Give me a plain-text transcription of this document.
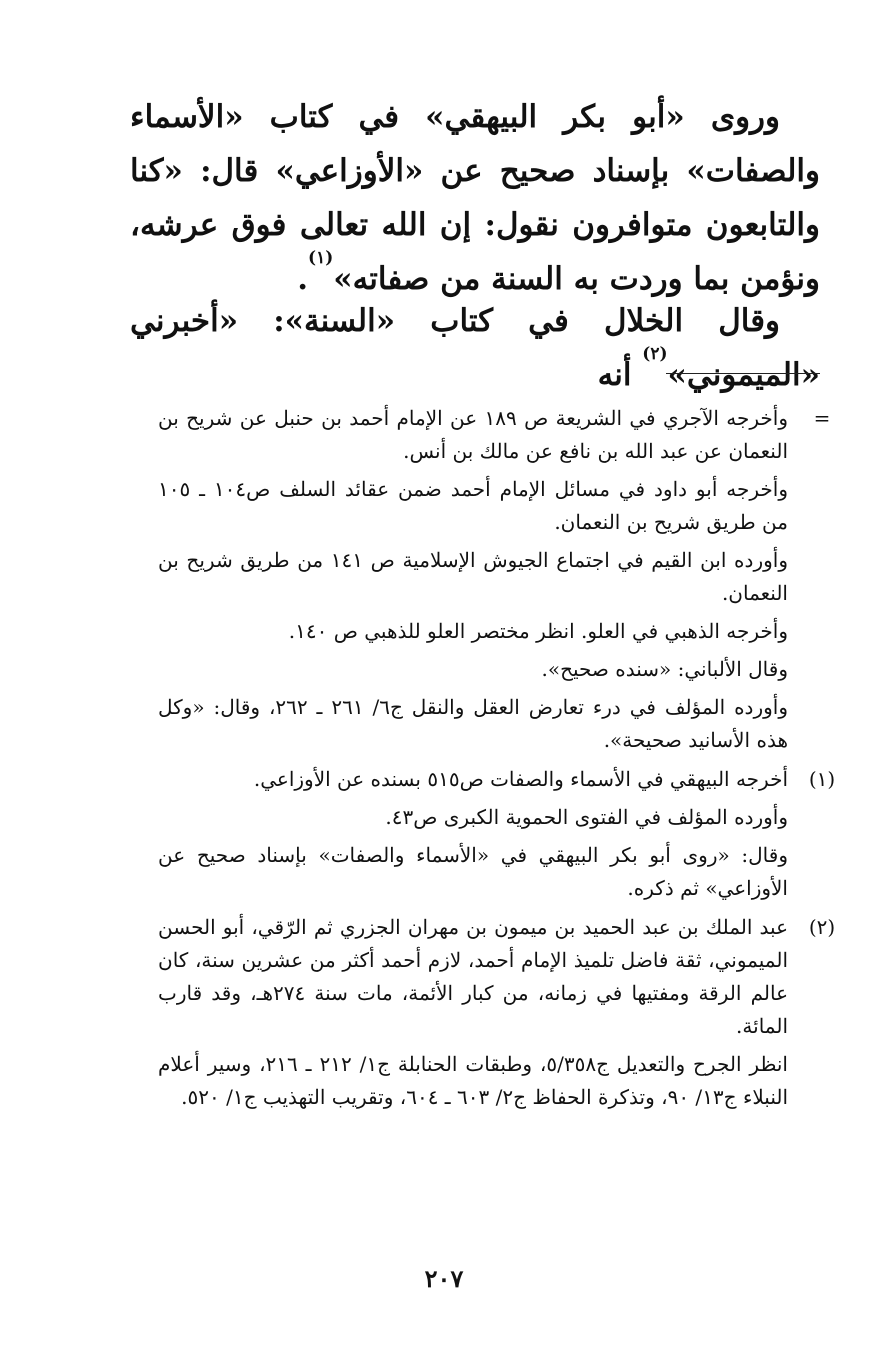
وروى «أبو بكر البيهقي» في كتاب «الأسماء والصفات» بإسناد صحيح عن «الأوزاعي» قال: «كنا والتابعون متوافرون نقول: إن الله تعالى فوق عرشه، ونؤمن بما وردت به السنة من صفاته»$^{(١)}$.

وقال الخلال في كتاب «السنة»: «أخبرني «الميموني»$^{(٢)}$ أنه

=

وأخرجه الآجري في الشريعة ص ١٨٩ عن الإمام أحمد بن حنبل عن شريح بن النعمان عن عبد الله بن نافع عن مالك بن أنس.

وأخرجه أبو داود في مسائل الإمام أحمد ضمن عقائد السلف ص١٠٤ ـ ١٠٥ من طريق شريح بن النعمان.

وأورده ابن القيم في اجتماع الجيوش الإسلامية ص ١٤١ من طريق شريح بن النعمان.

وأخرجه الذهبي في العلو. انظر مختصر العلو للذهبي ص ١٤٠.

وقال الألباني: «سنده صحيح».

وأورده المؤلف في درء تعارض العقل والنقل ج٦/ ٢٦١ ـ ٢٦٢، وقال: «وكل هذه الأسانيد صحيحة».

(١)

أخرجه البيهقي في الأسماء والصفات ص٥١٥ بسنده عن الأوزاعي.

وأورده المؤلف في الفتوى الحموية الكبرى ص٤٣.

وقال: «روى أبو بكر البيهقي في «الأسماء والصفات» بإسناد صحيح عن الأوزاعي» ثم ذكره.

(٢)

عبد الملك بن عبد الحميد بن ميمون بن مهران الجزري ثم الرّقي، أبو الحسن الميموني، ثقة فاضل تلميذ الإمام أحمد، لازم أحمد أكثر من عشرين سنة، كان عالم الرقة ومفتيها في زمانه، من كبار الأئمة، مات سنة ٢٧٤هـ، وقد قارب المائة.

انظر الجرح والتعديل ج٥/٣٥٨، وطبقات الحنابلة ج١/ ٢١٢ ـ ٢١٦، وسير أعلام النبلاء ج١٣/ ٩٠، وتذكرة الحفاظ ج٢/ ٦٠٣ ـ ٦٠٤، وتقريب التهذيب ج١/ ٥٢٠.

٢٠٧
